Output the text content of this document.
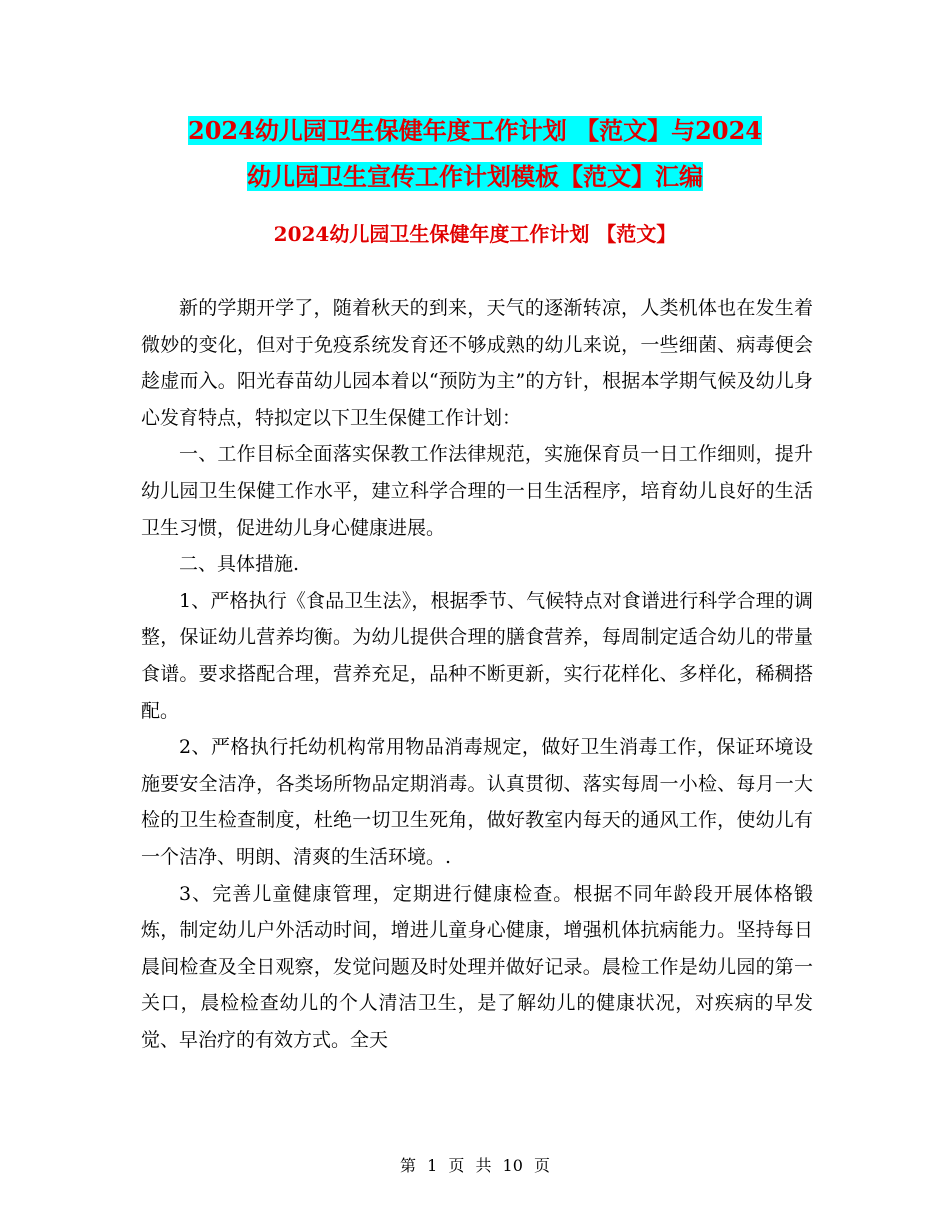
2024幼儿园卫生保健年度工作计划 【范文】与2024
幼儿园卫生宣传工作计划模板【范文】汇编
2024幼儿园卫生保健年度工作计划 【范文】

新的学期开学了，随着秋天的到来，天气的逐渐转凉，人类机体也在发生着微妙的变化，但对于免疫系统发育还不够成熟的幼儿来说，一些细菌、病毒便会趁虚而入。阳光春苗幼儿园本着以“预防为主”的方针，根据本学期气候及幼儿身心发育特点，特拟定以下卫生保健工作计划：

一、工作目标全面落实保教工作法律规范，实施保育员一日工作细则，提升幼儿园卫生保健工作水平，建立科学合理的一日生活程序，培育幼儿良好的生活卫生习惯，促进幼儿身心健康进展。

二、具体措施.

1、严格执行《食品卫生法》，根据季节、气候特点对食谱进行科学合理的调整，保证幼儿营养均衡。为幼儿提供合理的膳食营养，每周制定适合幼儿的带量食谱。要求搭配合理，营养充足，品种不断更新，实行花样化、多样化，稀稠搭配。

2、严格执行托幼机构常用物品消毒规定，做好卫生消毒工作，保证环境设施要安全洁净，各类场所物品定期消毒。认真贯彻、落实每周一小检、每月一大检的卫生检查制度，杜绝一切卫生死角，做好教室内每天的通风工作，使幼儿有一个洁净、明朗、清爽的生活环境。.

3、完善儿童健康管理，定期进行健康检查。根据不同年龄段开展体格锻炼，制定幼儿户外活动时间，增进儿童身心健康，增强机体抗病能力。坚持每日晨间检查及全日观察，发觉问题及时处理并做好记录。晨检工作是幼儿园的第一关口，晨检检查幼儿的个人清洁卫生，是了解幼儿的健康状况，对疾病的早发觉、早治疗的有效方式。全天

第 1 页 共 10 页
